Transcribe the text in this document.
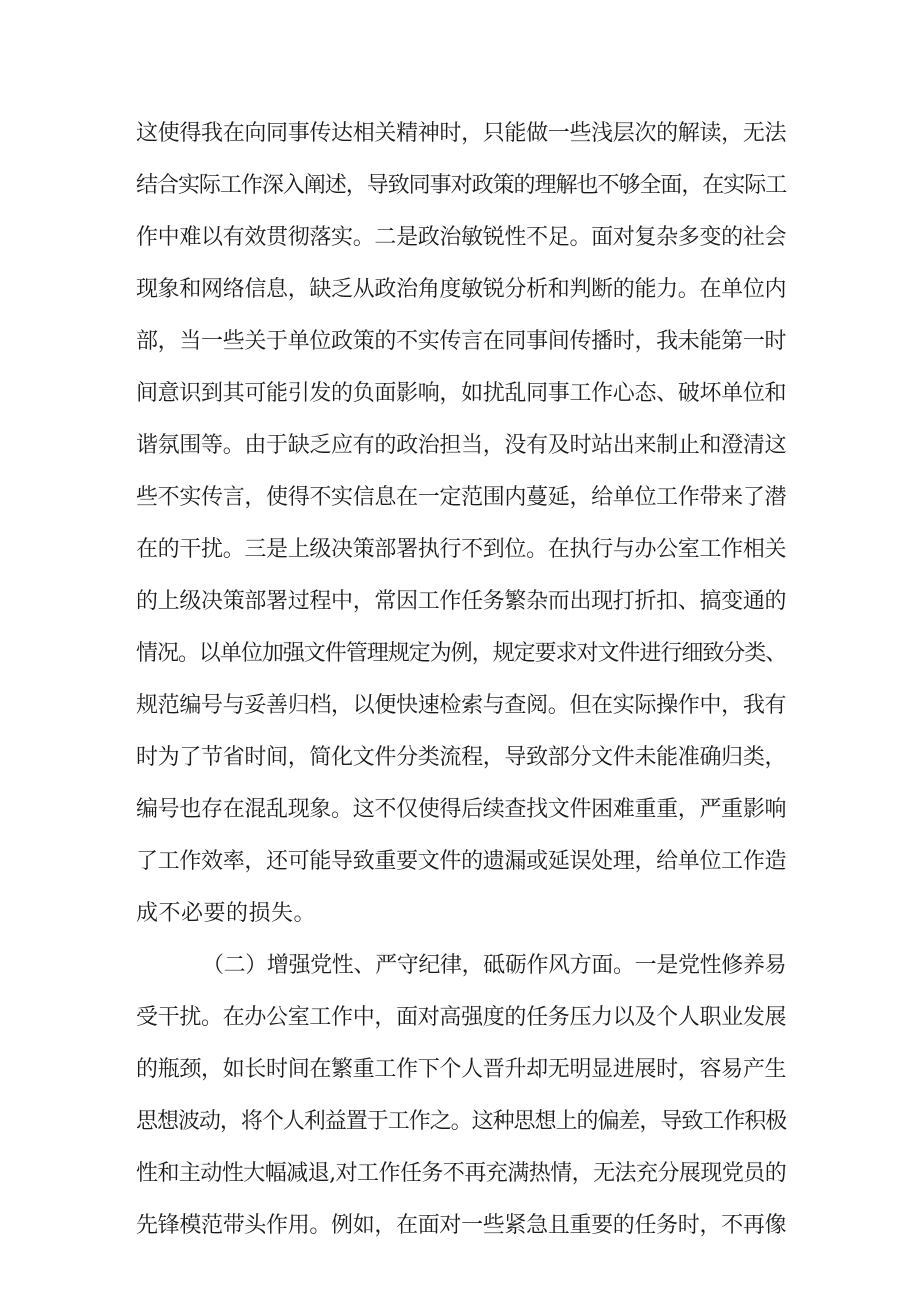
这使得我在向同事传达相关精神时，只能做一些浅层次的解读，无法
结合实际工作深入阐述，导致同事对政策的理解也不够全面，在实际工
作中难以有效贯彻落实。二是政治敏锐性不足。面对复杂多变的社会
现象和网络信息，缺乏从政治角度敏锐分析和判断的能力。在单位内
部，当一些关于单位政策的不实传言在同事间传播时，我未能第一时
间意识到其可能引发的负面影响，如扰乱同事工作心态、破坏单位和
谐氛围等。由于缺乏应有的政治担当，没有及时站出来制止和澄清这
些不实传言，使得不实信息在一定范围内蔓延，给单位工作带来了潜
在的干扰。三是上级决策部署执行不到位。在执行与办公室工作相关
的上级决策部署过程中，常因工作任务繁杂而出现打折扣、搞变通的
情况。以单位加强文件管理规定为例，规定要求对文件进行细致分类、
规范编号与妥善归档，以便快速检索与查阅。但在实际操作中，我有
时为了节省时间，简化文件分类流程，导致部分文件未能准确归类，
编号也存在混乱现象。这不仅使得后续查找文件困难重重，严重影响
了工作效率，还可能导致重要文件的遗漏或延误处理，给单位工作造
成不必要的损失。
（二）增强党性、严守纪律，砥砺作风方面。一是党性修养易
受干扰。在办公室工作中，面对高强度的任务压力以及个人职业发展
的瓶颈，如长时间在繁重工作下个人晋升却无明显进展时，容易产生
思想波动，将个人利益置于工作之。这种思想上的偏差，导致工作积极
性和主动性大幅减退,对工作任务不再充满热情，无法充分展现党员的
先锋模范带头作用。例如，在面对一些紧急且重要的任务时，不再像
